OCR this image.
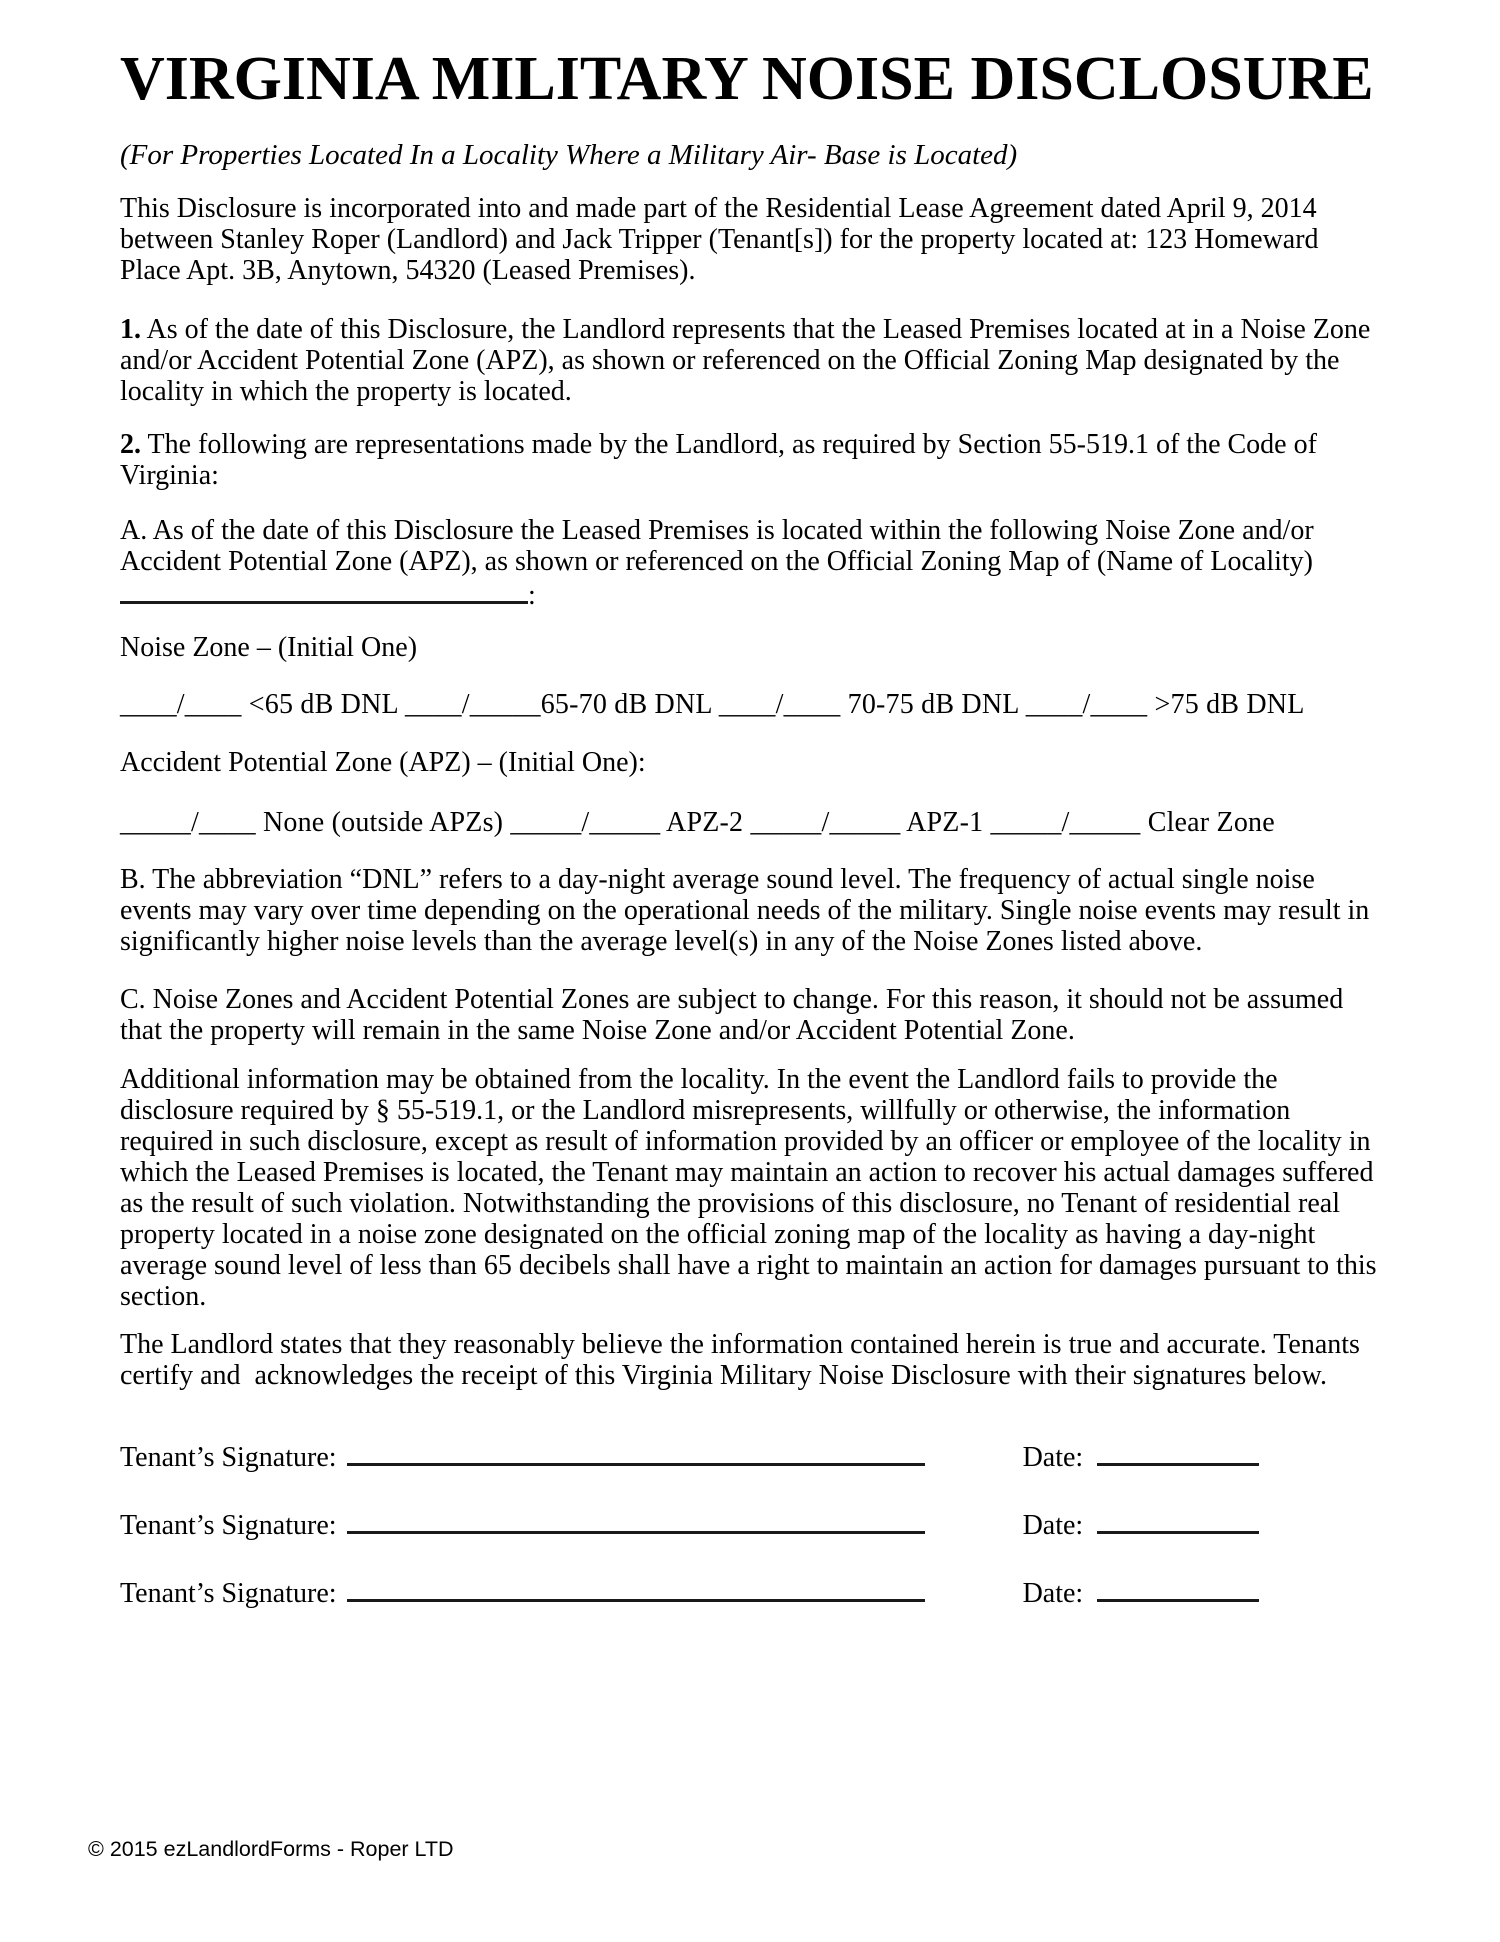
VIRGINIA MILITARY NOISE DISCLOSURE

(For Properties Located In a Locality Where a Military Air- Base is Located)

This Disclosure is incorporated into and made part of the Residential Lease Agreement dated April 9, 2014 between Stanley Roper (Landlord) and Jack Tripper (Tenant[s]) for the property located at: 123 Homeward Place Apt. 3B, Anytown, 54320 (Leased Premises).

1. As of the date of this Disclosure, the Landlord represents that the Leased Premises located at in a Noise Zone and/or Accident Potential Zone (APZ), as shown or referenced on the Official Zoning Map designated by the locality in which the property is located.

2. The following are representations made by the Landlord, as required by Section 55-519.1 of the Code of Virginia:

A. As of the date of this Disclosure the Leased Premises is located within the following Noise Zone and/or Accident Potential Zone (APZ), as shown or referenced on the Official Zoning Map of (Name of Locality):

Noise Zone – (Initial One)

____/____ <65 dB DNL ____/_____65-70 dB DNL ____/____ 70-75 dB DNL ____/____ >75 dB DNL

Accident Potential Zone (APZ) – (Initial One):

_____/____ None (outside APZs) _____/_____ APZ-2 _____/_____ APZ-1 _____/_____ Clear Zone

B. The abbreviation “DNL” refers to a day-night average sound level. The frequency of actual single noise events may vary over time depending on the operational needs of the military. Single noise events may result in significantly higher noise levels than the average level(s) in any of the Noise Zones listed above.

C. Noise Zones and Accident Potential Zones are subject to change. For this reason, it should not be assumed that the property will remain in the same Noise Zone and/or Accident Potential Zone.

Additional information may be obtained from the locality. In the event the Landlord fails to provide the disclosure required by § 55-519.1, or the Landlord misrepresents, willfully or otherwise, the information required in such disclosure, except as result of information provided by an officer or employee of the locality in which the Leased Premises is located, the Tenant may maintain an action to recover his actual damages suffered as the result of such violation. Notwithstanding the provisions of this disclosure, no Tenant of residential real property located in a noise zone designated on the official zoning map of the locality as having a day-night average sound level of less than 65 decibels shall have a right to maintain an action for damages pursuant to this section.

The Landlord states that they reasonably believe the information contained herein is true and accurate. Tenants certify and  acknowledges the receipt of this Virginia Military Noise Disclosure with their signatures below.

Tenant’s Signature:	Date:
Tenant’s Signature:	Date:
Tenant’s Signature:	Date:
© 2015 ezLandlordForms - Roper LTD
